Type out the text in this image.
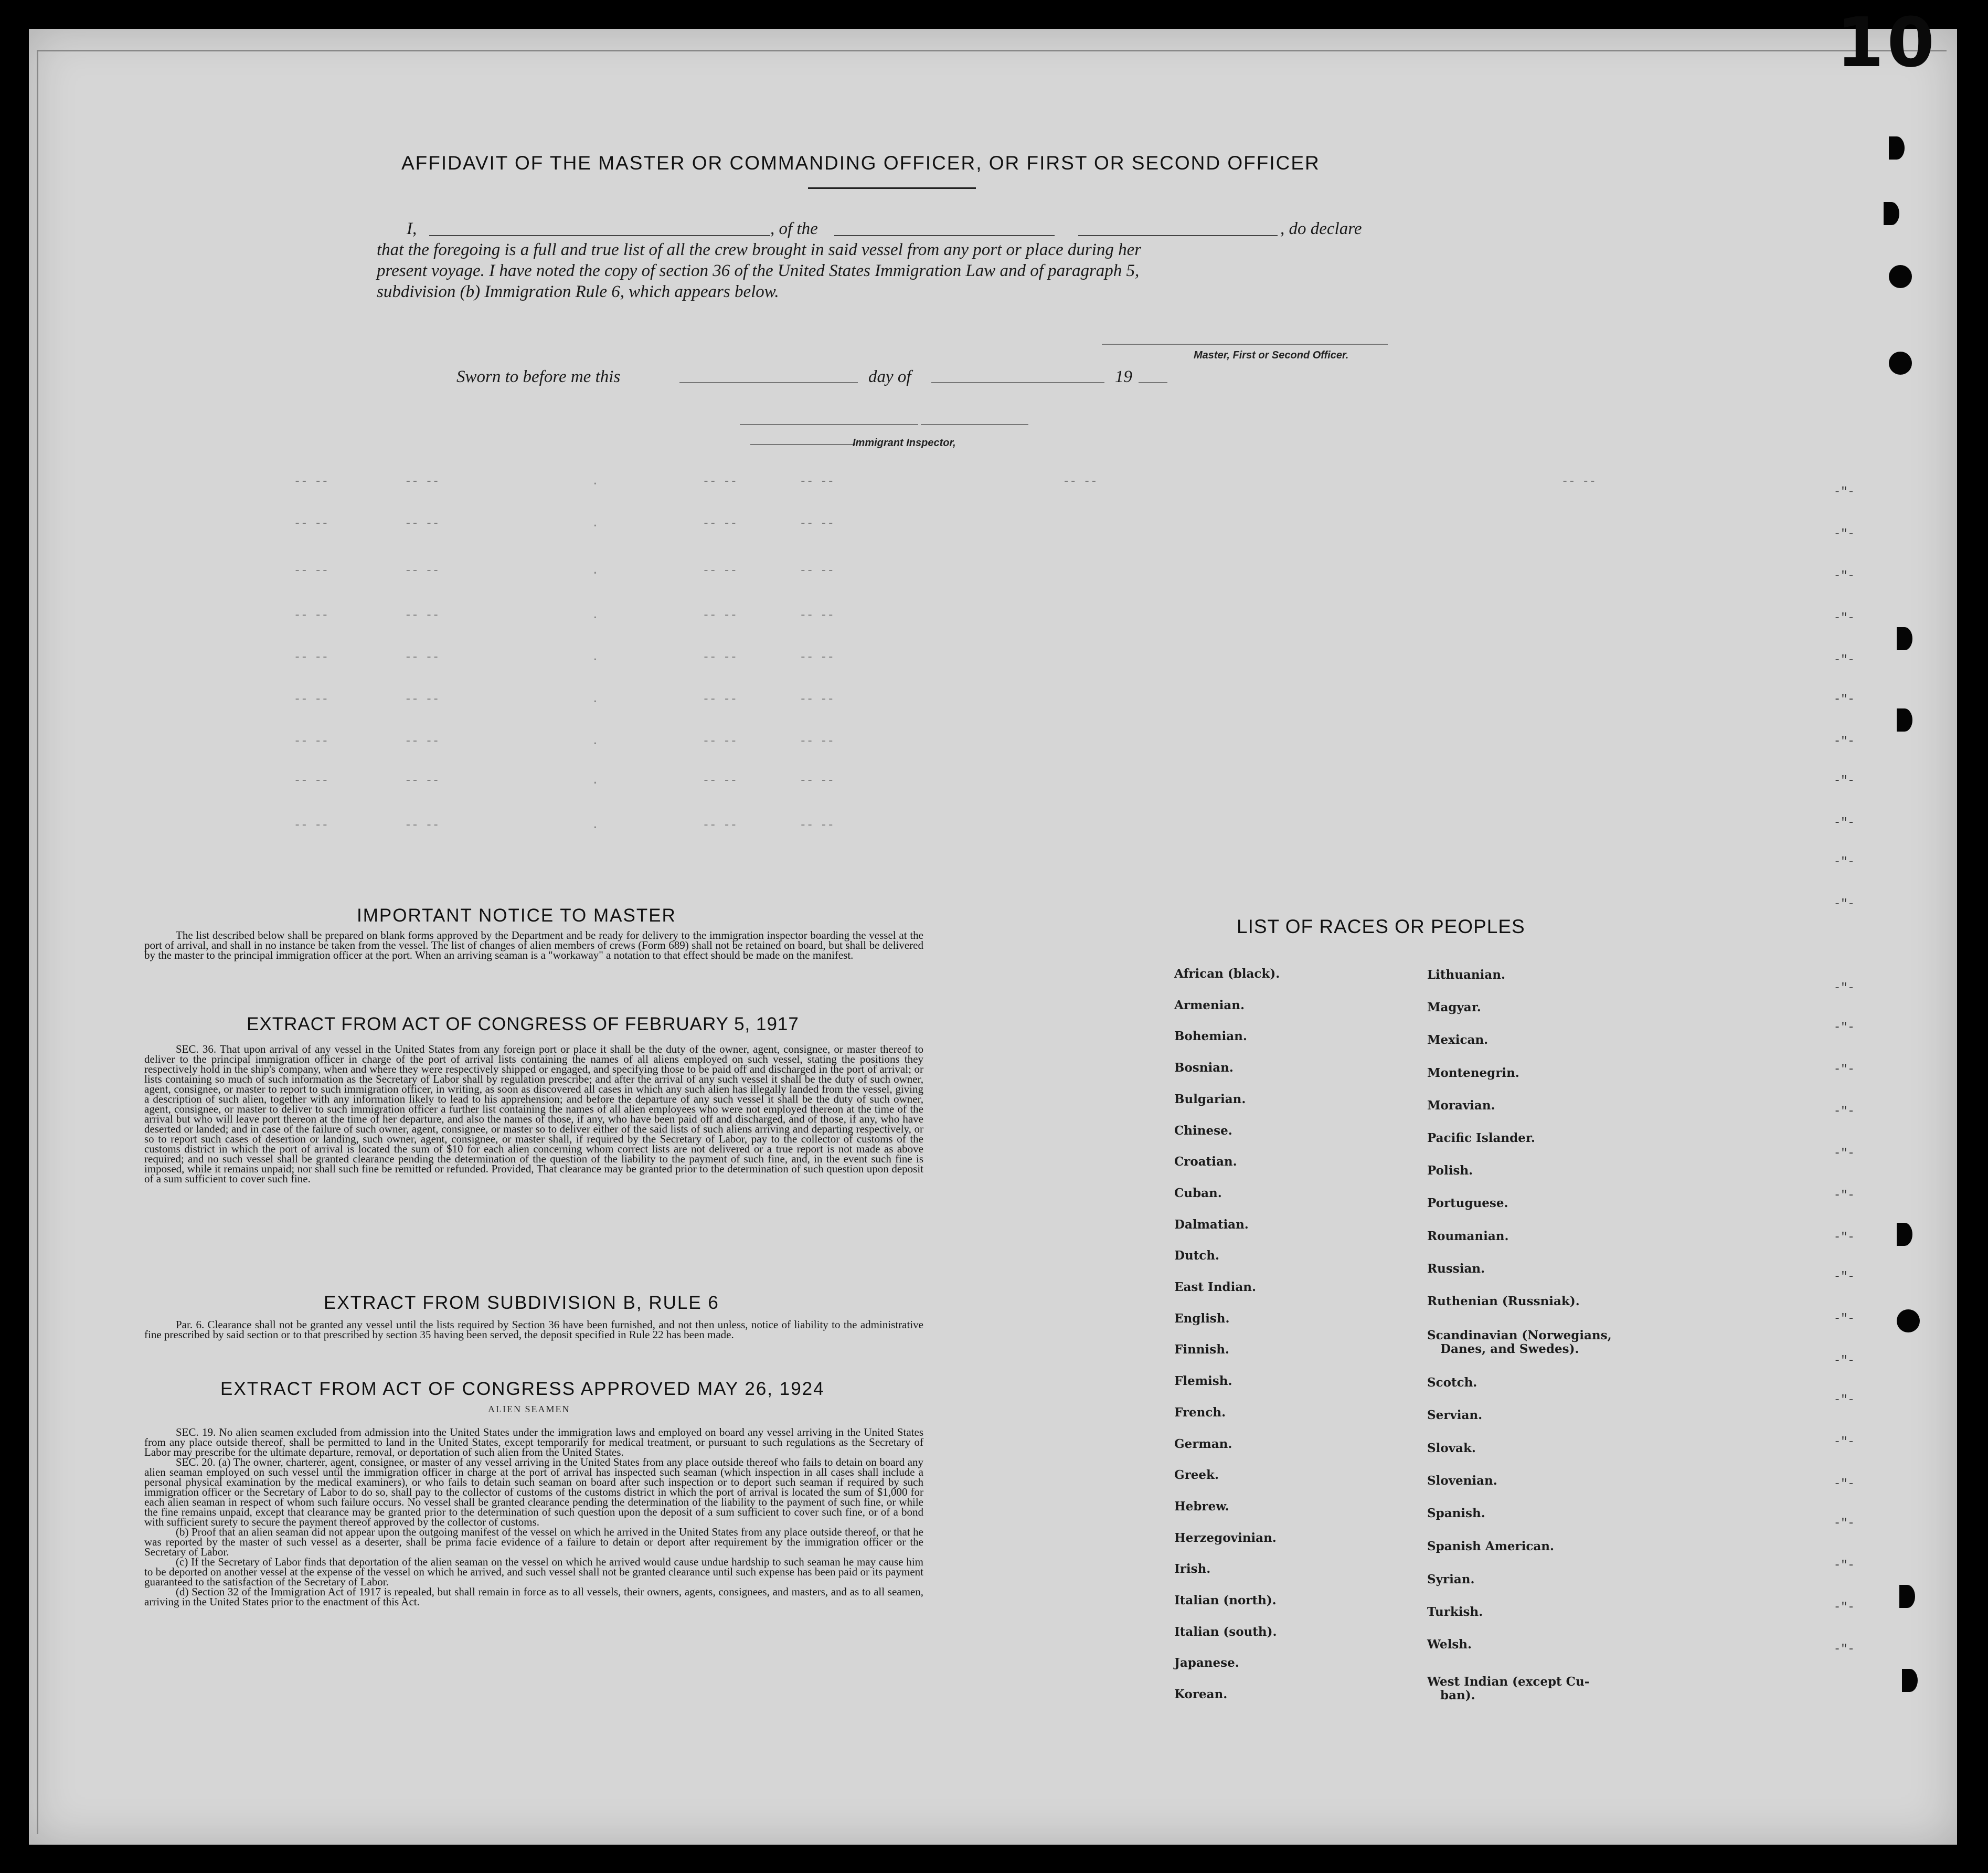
10
AFFIDAVIT OF THE MASTER OR COMMANDING OFFICER, OR FIRST OR SECOND OFFICER
I,	, of the	, do declare
that the foregoing is a full and true list of all the crew brought in said vessel from any port or place during her
present voyage. I have noted the copy of section 36 of the United States Immigration Law and of paragraph 5,
subdivision (b) Immigration Rule 6, which appears below.
Master, First or Second Officer.
Sworn to before me this	day of	19
Immigrant Inspector,
-- --           -- --                      .               -- --         -- --                                 -- --                                                                   -- --
-- --           -- --                      .               -- --         -- --
-- --           -- --                      .               -- --         -- --
-- --           -- --                      .               -- --         -- --
-- --           -- --                      .               -- --         -- --
-- --           -- --                      .               -- --         -- --
-- --           -- --                      .               -- --         -- --
-- --           -- --                      .               -- --         -- --
-- --           -- --                      .               -- --         -- --
-"-
-"-
-"-
-"-
-"-
-"-
-"-
-"-
-"-
-"-
-"-
-"-
-"-
-"-
-"-
-"-
-"-
-"-
-"-
-"-
-"-
-"-
-"-
-"-
-"-
-"-
-"-
-"-
IMPORTANT NOTICE TO MASTER

The list described below shall be prepared on blank forms approved by the Department and be ready for delivery to the immigration inspector boarding the vessel at the port of arrival, and shall in no instance be taken from the vessel. The list of changes of alien members of crews (Form 689) shall not be retained on board, but shall be delivered by the master to the principal immigration officer at the port. When an arriving seaman is a "workaway" a notation to that effect should be made on the manifest.

EXTRACT FROM ACT OF CONGRESS OF FEBRUARY 5, 1917

SEC. 36. That upon arrival of any vessel in the United States from any foreign port or place it shall be the duty of the owner, agent, consignee, or master thereof to deliver to the principal immigration officer in charge of the port of arrival lists containing the names of all aliens employed on such vessel, stating the positions they respectively hold in the ship's company, when and where they were respectively shipped or engaged, and specifying those to be paid off and discharged in the port of arrival; or lists containing so much of such information as the Secretary of Labor shall by regulation prescribe; and after the arrival of any such vessel it shall be the duty of such owner, agent, consignee, or master to report to such immigration officer, in writing, as soon as discovered all cases in which any such alien has illegally landed from the vessel, giving a description of such alien, together with any information likely to lead to his apprehension; and before the departure of any such vessel it shall be the duty of such owner, agent, consignee, or master to deliver to such immigration officer a further list containing the names of all alien employees who were not employed thereon at the time of the arrival but who will leave port thereon at the time of her departure, and also the names of those, if any, who have been paid off and discharged, and of those, if any, who have deserted or landed; and in case of the failure of such owner, agent, consignee, or master so to deliver either of the said lists of such aliens arriving and departing respectively, or so to report such cases of desertion or landing, such owner, agent, consignee, or master shall, if required by the Secretary of Labor, pay to the collector of customs of the customs district in which the port of arrival is located the sum of $10 for each alien concerning whom correct lists are not delivered or a true report is not made as above required; and no such vessel shall be granted clearance pending the determination of the question of the liability to the payment of such fine, and, in the event such fine is imposed, while it remains unpaid; nor shall such fine be remitted or refunded. Provided, That clearance may be granted prior to the determination of such question upon deposit of a sum sufficient to cover such fine.

EXTRACT FROM SUBDIVISION B, RULE 6

Par. 6. Clearance shall not be granted any vessel until the lists required by Section 36 have been furnished, and not then unless, notice of liability to the administrative fine prescribed by said section or to that prescribed by section 35 having been served, the deposit specified in Rule 22 has been made.

EXTRACT FROM ACT OF CONGRESS APPROVED MAY 26, 1924
ALIEN SEAMEN

SEC. 19. No alien seamen excluded from admission into the United States under the immigration laws and employed on board any vessel arriving in the United States from any place outside thereof, shall be permitted to land in the United States, except temporarily for medical treatment, or pursuant to such regulations as the Secretary of Labor may prescribe for the ultimate departure, removal, or deportation of such alien from the United States.

SEC. 20. (a) The owner, charterer, agent, consignee, or master of any vessel arriving in the United States from any place outside thereof who fails to detain on board any alien seaman employed on such vessel until the immigration officer in charge at the port of arrival has inspected such seaman (which inspection in all cases shall include a personal physical examination by the medical examiners), or who fails to detain such seaman on board after such inspection or to deport such seaman if required by such immigration officer or the Secretary of Labor to do so, shall pay to the collector of customs of the customs district in which the port of arrival is located the sum of $1,000 for each alien seaman in respect of whom such failure occurs. No vessel shall be granted clearance pending the determination of the liability to the payment of such fine, or while the fine remains unpaid, except that clearance may be granted prior to the determination of such question upon the deposit of a sum sufficient to cover such fine, or of a bond with sufficient surety to secure the payment thereof approved by the collector of customs.

(b) Proof that an alien seaman did not appear upon the outgoing manifest of the vessel on which he arrived in the United States from any place outside thereof, or that he was reported by the master of such vessel as a deserter, shall be prima facie evidence of a failure to detain or deport after requirement by the immigration officer or the Secretary of Labor.

(c) If the Secretary of Labor finds that deportation of the alien seaman on the vessel on which he arrived would cause undue hardship to such seaman he may cause him to be deported on another vessel at the expense of the vessel on which he arrived, and such vessel shall not be granted clearance until such expense has been paid or its payment guaranteed to the satisfaction of the Secretary of Labor.

(d) Section 32 of the Immigration Act of 1917 is repealed, but shall remain in force as to all vessels, their owners, agents, consignees, and masters, and as to all seamen, arriving in the United States prior to the enactment of this Act.

LIST OF RACES OR PEOPLES
African (black).
Armenian.
Bohemian.
Bosnian.
Bulgarian.
Chinese.
Croatian.
Cuban.
Dalmatian.
Dutch.
East Indian.
English.
Finnish.
Flemish.
French.
German.
Greek.
Hebrew.
Herzegovinian.
Irish.
Italian (north).
Italian (south).
Japanese.
Korean.
Lithuanian.
Magyar.
Mexican.
Montenegrin.
Moravian.
Pacific Islander.
Polish.
Portuguese.
Roumanian.
Russian.
Ruthenian (Russniak).
Scandinavian (Norwegians,
Danes, and Swedes).
Scotch.
Servian.
Slovak.
Slovenian.
Spanish.
Spanish American.
Syrian.
Turkish.
Welsh.
West Indian (except Cu-
ban).
